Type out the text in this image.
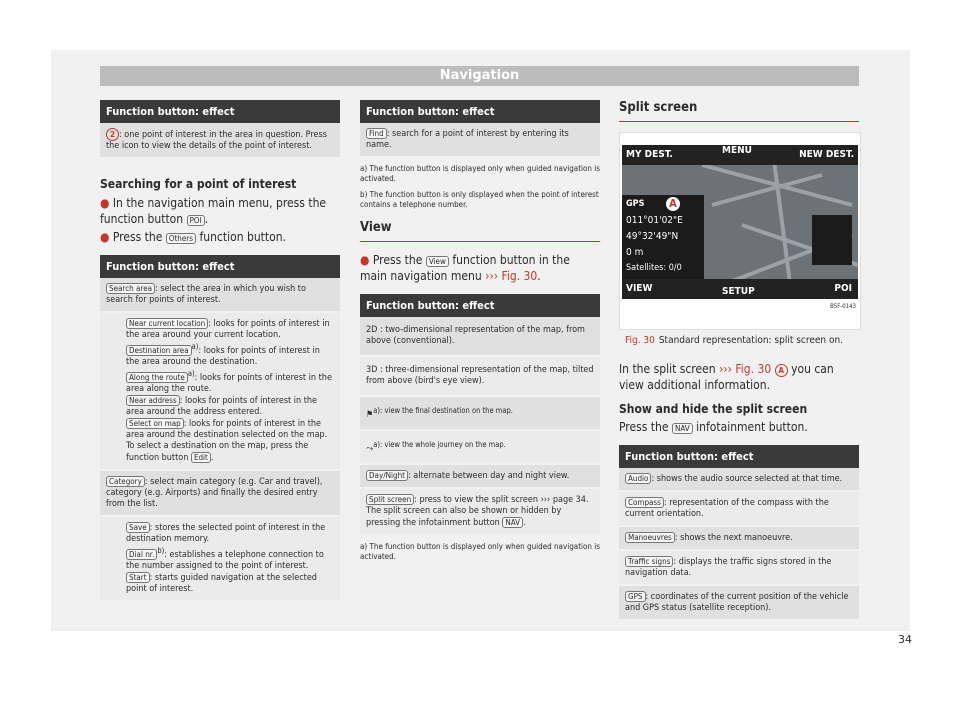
Navigation
Function button: effect
2 : one point of interest in the area in question. Press the icon to view the details of the point of interest.
Searching for a point of interest
● In the navigation main menu, press the function button POI .
● Press the Others function button.
Function button: effect
Search area : select the area in which you wish to search for points of interest.
Near current location : looks for points of interest in the area around your current location.
Destination area $^{a)}$: looks for points of interest in the area around the destination.
Along the route $^{a)}$: looks for points of interest in the area along the route.
Near address : looks for points of interest in the area around the address entered.
Select on map : looks for points of interest in the area around the destination selected on the map. To select a destination on the map, press the function button Edit .
Category : select main category (e.g. Car and travel), category (e.g. Airports) and finally the desired entry from the list.
Save : stores the selected point of interest in the destination memory.
Dial nr. $^{b)}$: establishes a telephone connection to the number assigned to the point of interest.
Start : starts guided navigation at the selected point of interest.
Function button: effect
Find : search for a point of interest by entering its name.
a) The function button is displayed only when guided navigation is activated.
b) The function button is only displayed when the point of interest contains a telephone number.
View
● Press the View function button in the main navigation menu ››› Fig. 30.
Function button: effect
2D : two-dimensional representation of the map, from above (conventional).
3D : three-dimensional representation of the map, tilted from above (bird's eye view).
⚑$^{a): view the final destination on the map.}$
⤳$^{a): view the whole journey on the map.}$
Day/Night : alternate between day and night view.
Split screen : press to view the split screen ››› page 34. The split screen can also be shown or hidden by pressing the infotainment button NAV .
a) The function button is displayed only when guided navigation is activated.
Split screen
MY DEST.	MENU	NEW DEST.
GPS A
011°01'02"E
49°32'49"N
0 m
Satellites: 0/0
VIEW	SETUP	POI
B5F-0143
Fig. 30 Standard representation: split screen on.
In the split screen ››› Fig. 30 A you can view additional information.
Show and hide the split screen
Press the NAV infotainment button.
Function button: effect
Audio : shows the audio source selected at that time.
Compass : representation of the compass with the current orientation.
Manoeuvres : shows the next manoeuvre.
Traffic signs : displays the traffic signs stored in the navigation data.
GPS : coordinates of the current position of the vehicle and GPS status (satellite reception).
34
